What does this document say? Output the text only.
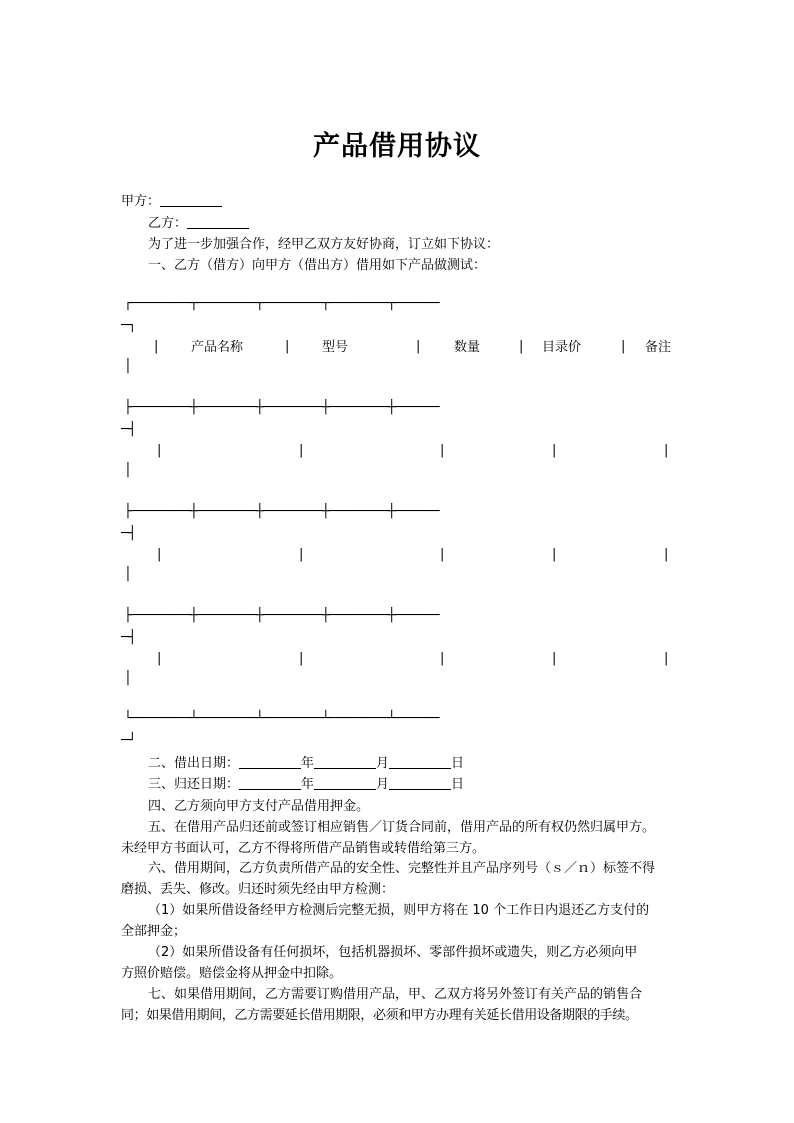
产品借用协议
甲方：
乙方：
为了进一步加强合作，经甲乙双方友好协商，订立如下协议：
一、乙方（借方）向甲方（借出方）借用如下产品做测试：
┌────────┬────────┬────────┬────────┬──────
─┐
|	产品名称	|	型号	|	数量	| 目录价	| 备注
│
├────────┼────────┼────────┼────────┼──────
─┤
|	|	|	|	|
│
├────────┼────────┼────────┼────────┼──────
─┤
|	|	|	|	|
│
├────────┼────────┼────────┼────────┼──────
─┤
|	|	|	|	|
│
└────────┴────────┴────────┴────────┴──────
─┘
二、借出日期：	年	月	日
三、归还日期：	年	月	日
四、乙方须向甲方支付产品借用押金。
五、在借用产品归还前或签订相应销售／订货合同前，借用产品的所有权仍然归属甲方。
未经甲方书面认可，乙方不得将所借产品销售或转借给第三方。
六、借用期间，乙方负责所借产品的安全性、完整性并且产品序列号（ｓ／ｎ）标签不得
磨损、丢失、修改。归还时须先经由甲方检测：
（1）如果所借设备经甲方检测后完整无损，则甲方将在 10 个工作日内退还乙方支付的
全部押金；
（2）如果所借设备有任何损坏，包括机器损坏、零部件损坏或遗失，则乙方必须向甲
方照价赔偿。赔偿金将从押金中扣除。
七、如果借用期间，乙方需要订购借用产品，甲、乙双方将另外签订有关产品的销售合
同；如果借用期间，乙方需要延长借用期限，必须和甲方办理有关延长借用设备期限的手续。
